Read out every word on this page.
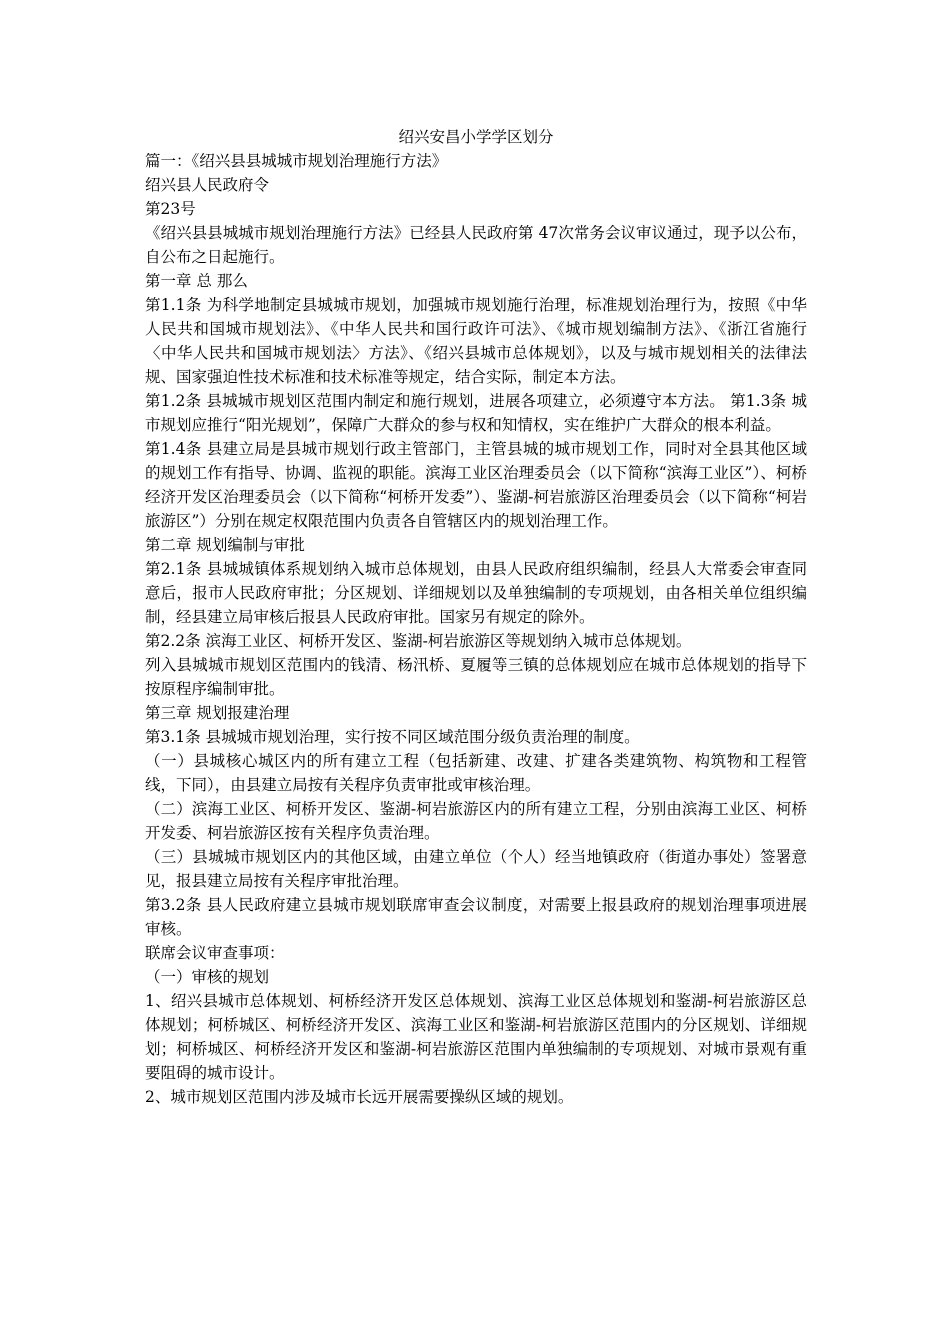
绍兴安昌小学学区划分

篇一：《绍兴县县城城市规划治理施行方法》

绍兴县人民政府令

第23号

《绍兴县县城城市规划治理施行方法》已经县人民政府第 47次常务会议审议通过，现予以公布，自公布之日起施行。

第一章 总 那么

第1.1条 为科学地制定县城城市规划，加强城市规划施行治理，标准规划治理行为，按照《中华人民共和国城市规划法》、《中华人民共和国行政许可法》、《城市规划编制方法》、《浙江省施行〈中华人民共和国城市规划法〉方法》、《绍兴县城市总体规划》，以及与城市规划相关的法律法规、国家强迫性技术标准和技术标准等规定，结合实际，制定本方法。

第1.2条 县城城市规划区范围内制定和施行规划，进展各项建立，必须遵守本方法。 第1.3条 城市规划应推行“阳光规划”，保障广大群众的参与权和知情权，实在维护广大群众的根本利益。

第1.4条 县建立局是县城市规划行政主管部门，主管县城的城市规划工作，同时对全县其他区域的规划工作有指导、协调、监视的职能。滨海工业区治理委员会（以下简称“滨海工业区”）、柯桥经济开发区治理委员会（以下简称“柯桥开发委”）、鉴湖-柯岩旅游区治理委员会（以下简称“柯岩旅游区”）分别在规定权限范围内负责各自管辖区内的规划治理工作。

第二章 规划编制与审批

第2.1条 县城城镇体系规划纳入城市总体规划，由县人民政府组织编制，经县人大常委会审查同意后，报市人民政府审批；分区规划、详细规划以及单独编制的专项规划，由各相关单位组织编制，经县建立局审核后报县人民政府审批。国家另有规定的除外。

第2.2条 滨海工业区、柯桥开发区、鉴湖-柯岩旅游区等规划纳入城市总体规划。

列入县城城市规划区范围内的钱清、杨汛桥、夏履等三镇的总体规划应在城市总体规划的指导下按原程序编制审批。

第三章 规划报建治理

第3.1条 县城城市规划治理，实行按不同区域范围分级负责治理的制度。

（一）县城核心城区内的所有建立工程（包括新建、改建、扩建各类建筑物、构筑物和工程管线，下同），由县建立局按有关程序负责审批或审核治理。

（二）滨海工业区、柯桥开发区、鉴湖-柯岩旅游区内的所有建立工程，分别由滨海工业区、柯桥开发委、柯岩旅游区按有关程序负责治理。

（三）县城城市规划区内的其他区域，由建立单位（个人）经当地镇政府（街道办事处）签署意见，报县建立局按有关程序审批治理。

第3.2条 县人民政府建立县城市规划联席审查会议制度，对需要上报县政府的规划治理事项进展审核。

联席会议审查事项：

（一）审核的规划

1、绍兴县城市总体规划、柯桥经济开发区总体规划、滨海工业区总体规划和鉴湖-柯岩旅游区总体规划；柯桥城区、柯桥经济开发区、滨海工业区和鉴湖-柯岩旅游区范围内的分区规划、详细规划；柯桥城区、柯桥经济开发区和鉴湖-柯岩旅游区范围内单独编制的专项规划、对城市景观有重要阻碍的城市设计。

2、城市规划区范围内涉及城市长远开展需要操纵区域的规划。
